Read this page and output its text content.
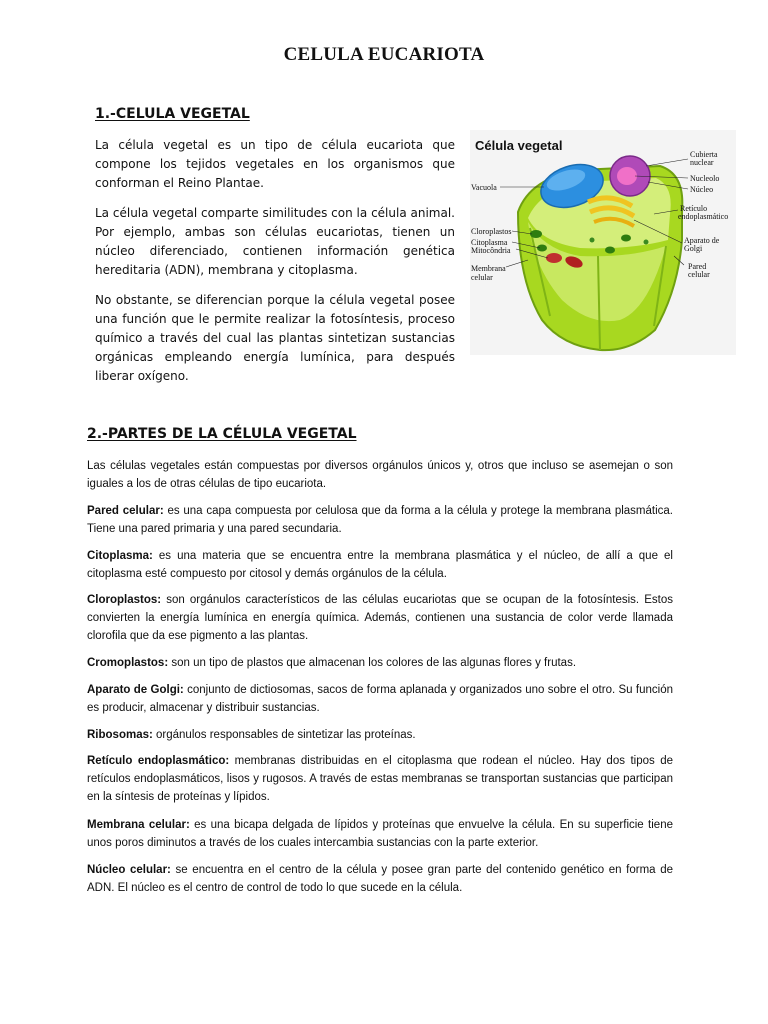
CELULA EUCARIOTA
1.-CELULA VEGETAL

La célula vegetal es un tipo de célula eucariota que compone los tejidos vegetales en los organismos que conforman el Reino Plantae.

La célula vegetal comparte similitudes con la célula animal. Por ejemplo, ambas son células eucariotas, tienen un núcleo diferenciado, contienen información genética hereditaria (ADN), membrana y citoplasma.

No obstante, se diferencian porque la célula vegetal posee una función que le permite realizar la fotosíntesis, proceso químico a través del cual las plantas sintetizan sustancias orgánicas empleando energía lumínica, para después liberar oxígeno.

Célula vegetal
Vacuola
Cloroplastos
Citoplasma
Mitocôndria
Membrana
celular
Cubierta
nuclear
Nucleolo
Núcleo
Retículo
endoplasmático
Aparato de
Golgi
Pared
celular
2.-PARTES DE LA CÉLULA VEGETAL

Las células vegetales están compuestas por diversos orgánulos únicos y, otros que incluso se asemejan o son iguales a los de otras células de tipo eucariota.

Pared celular: es una capa compuesta por celulosa que da forma a la célula y protege la membrana plasmática. Tiene una pared primaria y una pared secundaria.

Citoplasma: es una materia que se encuentra entre la membrana plasmática y el núcleo, de allí a que el citoplasma esté compuesto por citosol y demás orgánulos de la célula.

Cloroplastos: son orgánulos característicos de las células eucariotas que se ocupan de la fotosíntesis. Estos convierten la energía lumínica en energía química. Además, contienen una sustancia de color verde llamada clorofila que da ese pigmento a las plantas.

Cromoplastos: son un tipo de plastos que almacenan los colores de las algunas flores y frutas.

Aparato de Golgi: conjunto de dictiosomas, sacos de forma aplanada y organizados uno sobre el otro. Su función es producir, almacenar y distribuir sustancias.

Ribosomas: orgánulos responsables de sintetizar las proteínas.

Retículo endoplasmático: membranas distribuidas en el citoplasma que rodean el núcleo. Hay dos tipos de retículos endoplasmáticos, lisos y rugosos. A través de estas membranas se transportan sustancias que participan en la síntesis de proteínas y lípidos.

Membrana celular: es una bicapa delgada de lípidos y proteínas que envuelve la célula. En su superficie tiene unos poros diminutos a través de los cuales intercambia sustancias con la parte exterior.

Núcleo celular: se encuentra en el centro de la célula y posee gran parte del contenido genético en forma de ADN. El núcleo es el centro de control de todo lo que sucede en la célula.
